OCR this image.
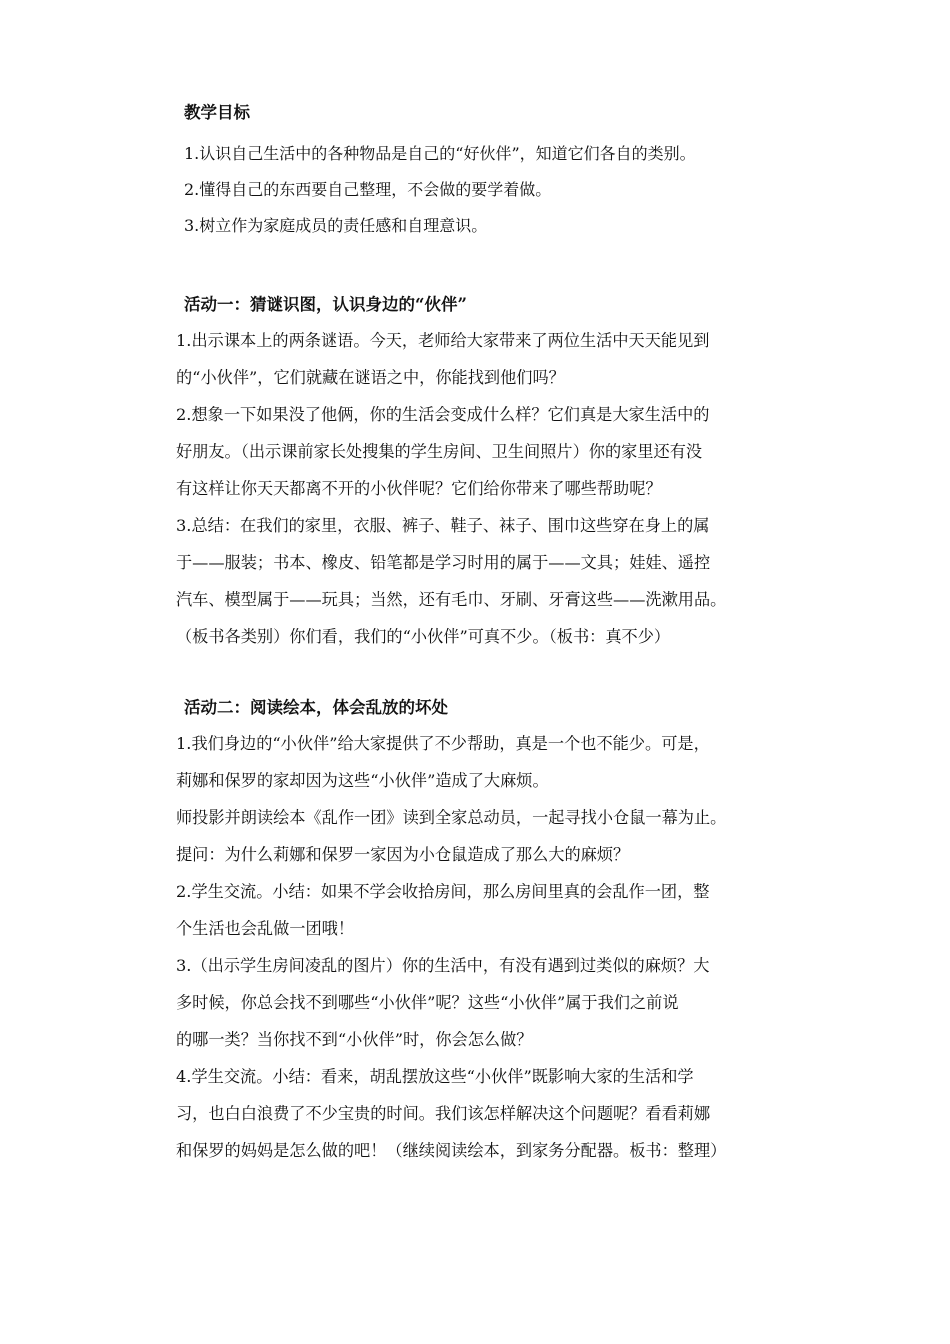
教学目标

1.认识自己生活中的各种物品是自己的“好伙伴”，知道它们各自的类别。

2.懂得自己的东西要自己整理，不会做的要学着做。

3.树立作为家庭成员的责任感和自理意识。

活动一：猜谜识图，认识身边的“伙伴”

1.出示课本上的两条谜语。今天，老师给大家带来了两位生活中天天能见到
的“小伙伴”，它们就藏在谜语之中，你能找到他们吗？

2.想象一下如果没了他俩，你的生活会变成什么样？它们真是大家生活中的
好朋友。（出示课前家长处搜集的学生房间、卫生间照片）你的家里还有没
有这样让你天天都离不开的小伙伴呢？它们给你带来了哪些帮助呢？

3.总结：在我们的家里，衣服、裤子、鞋子、袜子、围巾这些穿在身上的属
于——服装；书本、橡皮、铅笔都是学习时用的属于——文具；娃娃、遥控
汽车、模型属于——玩具；当然，还有毛巾、牙刷、牙膏这些——洗漱用品。
（板书各类别）你们看，我们的“小伙伴”可真不少。（板书：真不少）

活动二：阅读绘本，体会乱放的坏处

1.我们身边的“小伙伴”给大家提供了不少帮助，真是一个也不能少。可是，
莉娜和保罗的家却因为这些“小伙伴”造成了大麻烦。

师投影并朗读绘本《乱作一团》读到全家总动员，一起寻找小仓鼠一幕为止。

提问：为什么莉娜和保罗一家因为小仓鼠造成了那么大的麻烦？

2.学生交流。小结：如果不学会收拾房间，那么房间里真的会乱作一团，整
个生活也会乱做一团哦！

3.（出示学生房间凌乱的图片）你的生活中，有没有遇到过类似的麻烦？大
多时候，你总会找不到哪些“小伙伴”呢？这些“小伙伴”属于我们之前说
的哪一类？当你找不到“小伙伴”时，你会怎么做？

4.学生交流。小结：看来，胡乱摆放这些“小伙伴”既影响大家的生活和学
习，也白白浪费了不少宝贵的时间。我们该怎样解决这个问题呢？看看莉娜
和保罗的妈妈是怎么做的吧！（继续阅读绘本，到家务分配器。板书：整理）
